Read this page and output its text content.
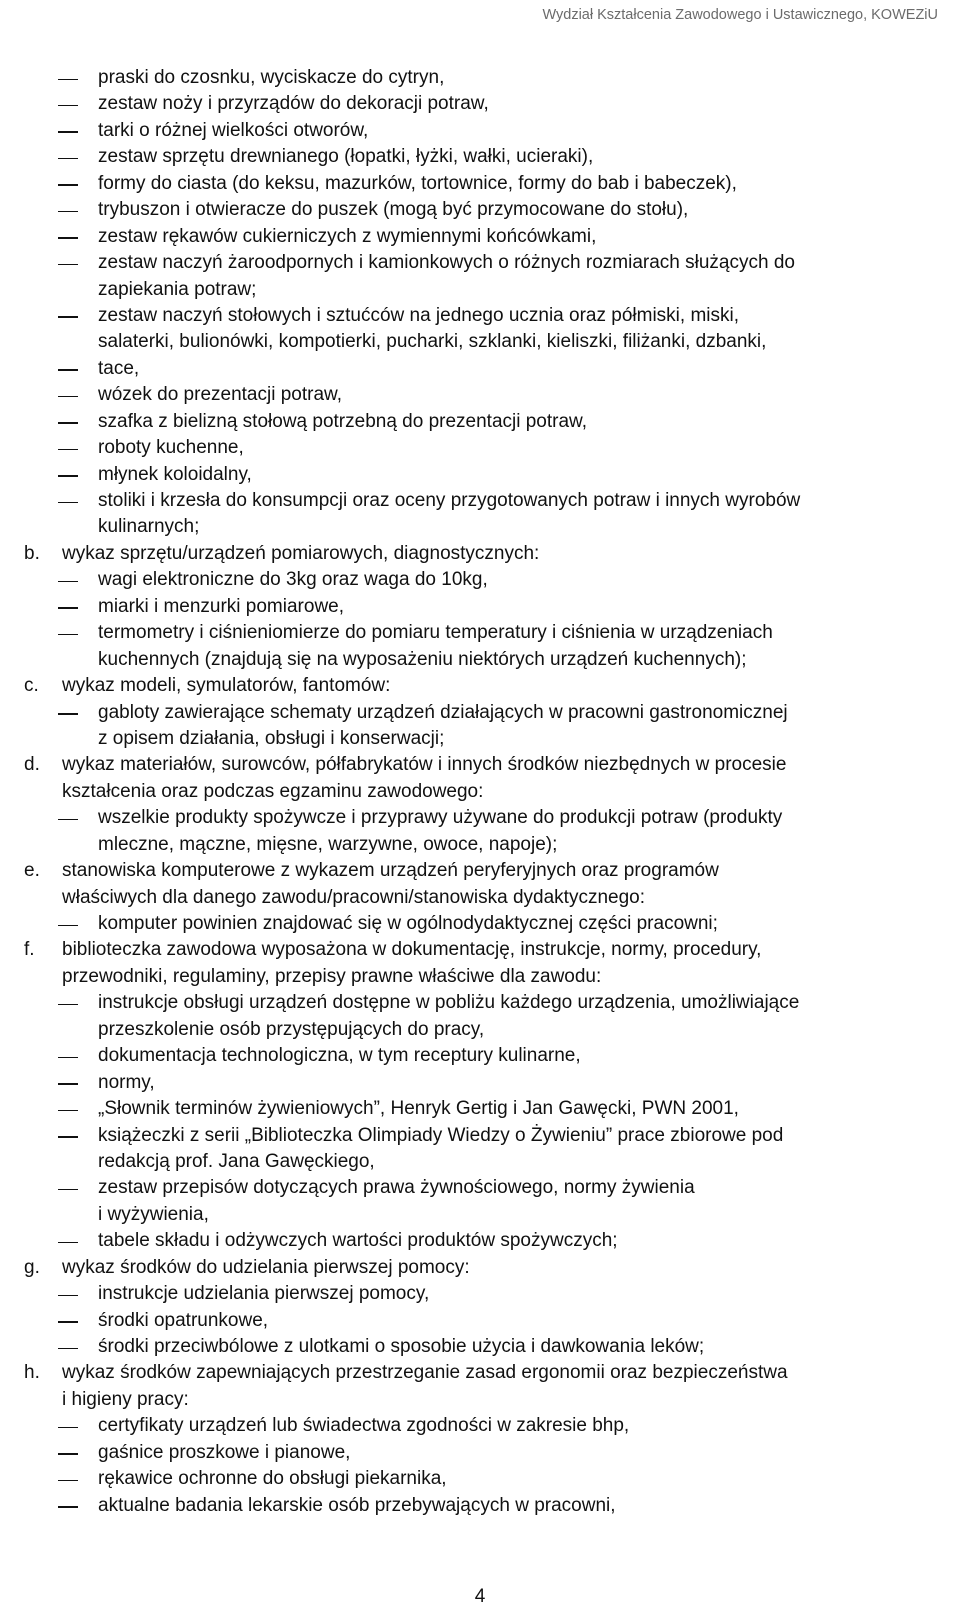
Wydział Kształcenia Zawodowego i Ustawicznego, KOWEZiU
praski do czosnku, wyciskacze do cytryn,
zestaw noży i przyrządów do dekoracji potraw,
tarki o różnej wielkości otworów,
zestaw sprzętu drewnianego (łopatki, łyżki, wałki, ucieraki),
formy do ciasta (do keksu, mazurków, tortownice, formy do bab i babeczek),
trybuszon i otwieracze do puszek (mogą być przymocowane do stołu),
zestaw rękawów cukierniczych z wymiennymi końcówkami,
zestaw naczyń żaroodpornych i kamionkowych o różnych rozmiarach służących do
zapiekania potraw;
zestaw naczyń stołowych i sztućców na jednego ucznia oraz półmiski, miski,
salaterki, bulionówki, kompotierki, pucharki, szklanki, kieliszki, filiżanki, dzbanki,
tace,
wózek do prezentacji potraw,
szafka z bielizną stołową potrzebną do prezentacji potraw,
roboty kuchenne,
młynek koloidalny,
stoliki i krzesła do konsumpcji oraz oceny przygotowanych potraw i innych wyrobów
kulinarnych;
b. wykaz sprzętu/urządzeń pomiarowych, diagnostycznych:
wagi elektroniczne do 3kg oraz waga do 10kg,
miarki i menzurki pomiarowe,
termometry i ciśnieniomierze do pomiaru temperatury i ciśnienia w urządzeniach
kuchennych (znajdują się na wyposażeniu niektórych urządzeń kuchennych);
c. wykaz modeli, symulatorów, fantomów:
gabloty zawierające schematy urządzeń działających w pracowni gastronomicznej
z opisem działania, obsługi i konserwacji;
d. wykaz materiałów, surowców, półfabrykatów i innych środków niezbędnych w procesie
kształcenia oraz podczas egzaminu zawodowego:
wszelkie produkty spożywcze i przyprawy używane do produkcji potraw (produkty
mleczne, mączne, mięsne, warzywne, owoce, napoje);
e. stanowiska komputerowe z wykazem urządzeń peryferyjnych oraz programów
właściwych dla danego zawodu/pracowni/stanowiska dydaktycznego:
komputer powinien znajdować się w ogólnodydaktycznej części pracowni;
f. biblioteczka zawodowa wyposażona w dokumentację, instrukcje, normy, procedury,
przewodniki, regulaminy, przepisy prawne właściwe dla zawodu:
instrukcje obsługi urządzeń dostępne w pobliżu każdego urządzenia, umożliwiające
przeszkolenie osób przystępujących do pracy,
dokumentacja technologiczna, w tym receptury kulinarne,
normy,
„Słownik terminów żywieniowych”, Henryk Gertig i Jan Gawęcki, PWN 2001,
książeczki z serii „Biblioteczka Olimpiady Wiedzy o Żywieniu” prace zbiorowe pod
redakcją prof. Jana Gawęckiego,
zestaw przepisów dotyczących prawa żywnościowego, normy żywienia
i wyżywienia,
tabele składu i odżywczych wartości produktów spożywczych;
g. wykaz środków do udzielania pierwszej pomocy:
instrukcje udzielania pierwszej pomocy,
środki opatrunkowe,
środki przeciwbólowe z ulotkami o sposobie użycia i dawkowania leków;
h. wykaz środków zapewniających przestrzeganie zasad ergonomii oraz bezpieczeństwa
i higieny pracy:
certyfikaty urządzeń lub świadectwa zgodności w zakresie bhp,
gaśnice proszkowe i pianowe,
rękawice ochronne do obsługi piekarnika,
aktualne badania lekarskie osób przebywających w pracowni,
4
